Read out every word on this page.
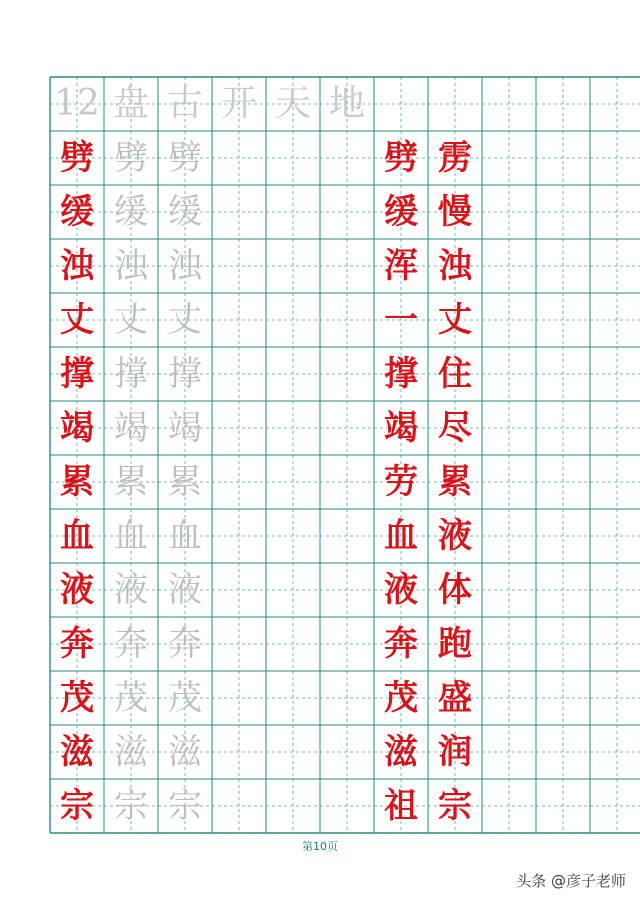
12 盘 古 开 天 地
劈 劈 劈
缓 缓 缓
浊 浊 浊
丈 丈 丈
撑 撑 撑
竭 竭 竭
累 累 累
血 血 血
液 液 液
奔 奔 奔
茂 茂 茂
滋 滋 滋
宗 宗 宗
劈 雳
缓 慢
浑 浊
一 丈
撑 住
竭 尽
劳 累
血 液
液 体
奔 跑
茂 盛
滋 润
祖 宗
第10页
头条 @彦子老师
